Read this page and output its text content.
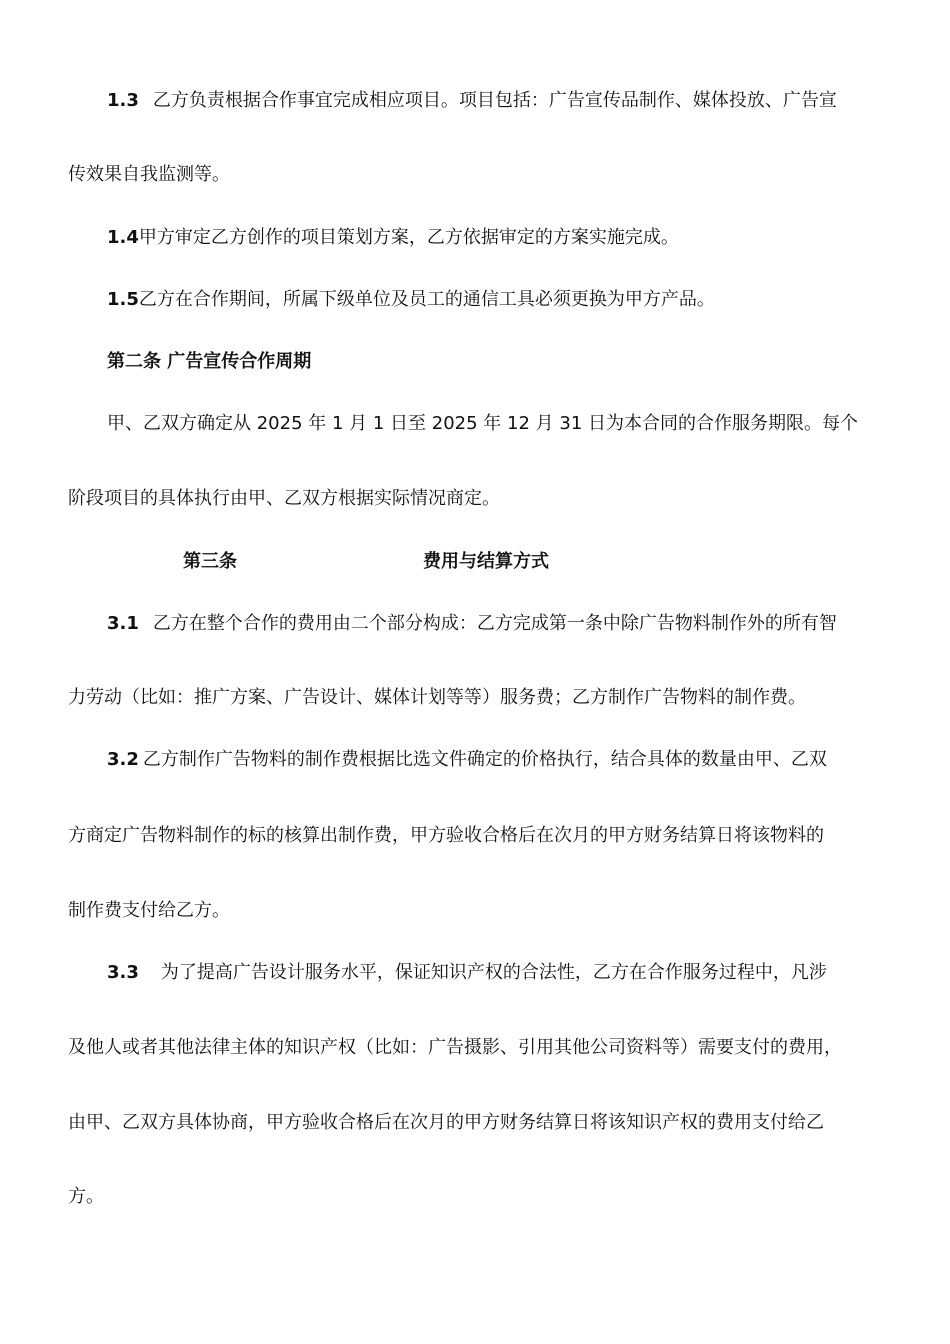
1.3 乙方负责根据合作事宜完成相应项目。项目包括：广告宣传品制作、媒体投放、广告宣
传效果自我监测等。
1.4甲方审定乙方创作的项目策划方案，乙方依据审定的方案实施完成。
1.5乙方在合作期间，所属下级单位及员工的通信工具必须更换为甲方产品。
第二条 广告宣传合作周期
甲、乙双方确定从 2025 年 1 月 1 日至 2025 年 12 月 31 日为本合同的合作服务期限。每个
阶段项目的具体执行由甲、乙双方根据实际情况商定。
第三条	费用与结算方式
3.1 乙方在整个合作的费用由二个部分构成：乙方完成第一条中除广告物料制作外的所有智
力劳动（比如：推广方案、广告设计、媒体计划等等）服务费；乙方制作广告物料的制作费。
3.2 乙方制作广告物料的制作费根据比选文件确定的价格执行，结合具体的数量由甲、乙双
方商定广告物料制作的标的核算出制作费，甲方验收合格后在次月的甲方财务结算日将该物料的
制作费支付给乙方。
3.3 为了提高广告设计服务水平，保证知识产权的合法性，乙方在合作服务过程中，凡涉
及他人或者其他法律主体的知识产权（比如：广告摄影、引用其他公司资料等）需要支付的费用，
由甲、乙双方具体协商，甲方验收合格后在次月的甲方财务结算日将该知识产权的费用支付给乙
方。
